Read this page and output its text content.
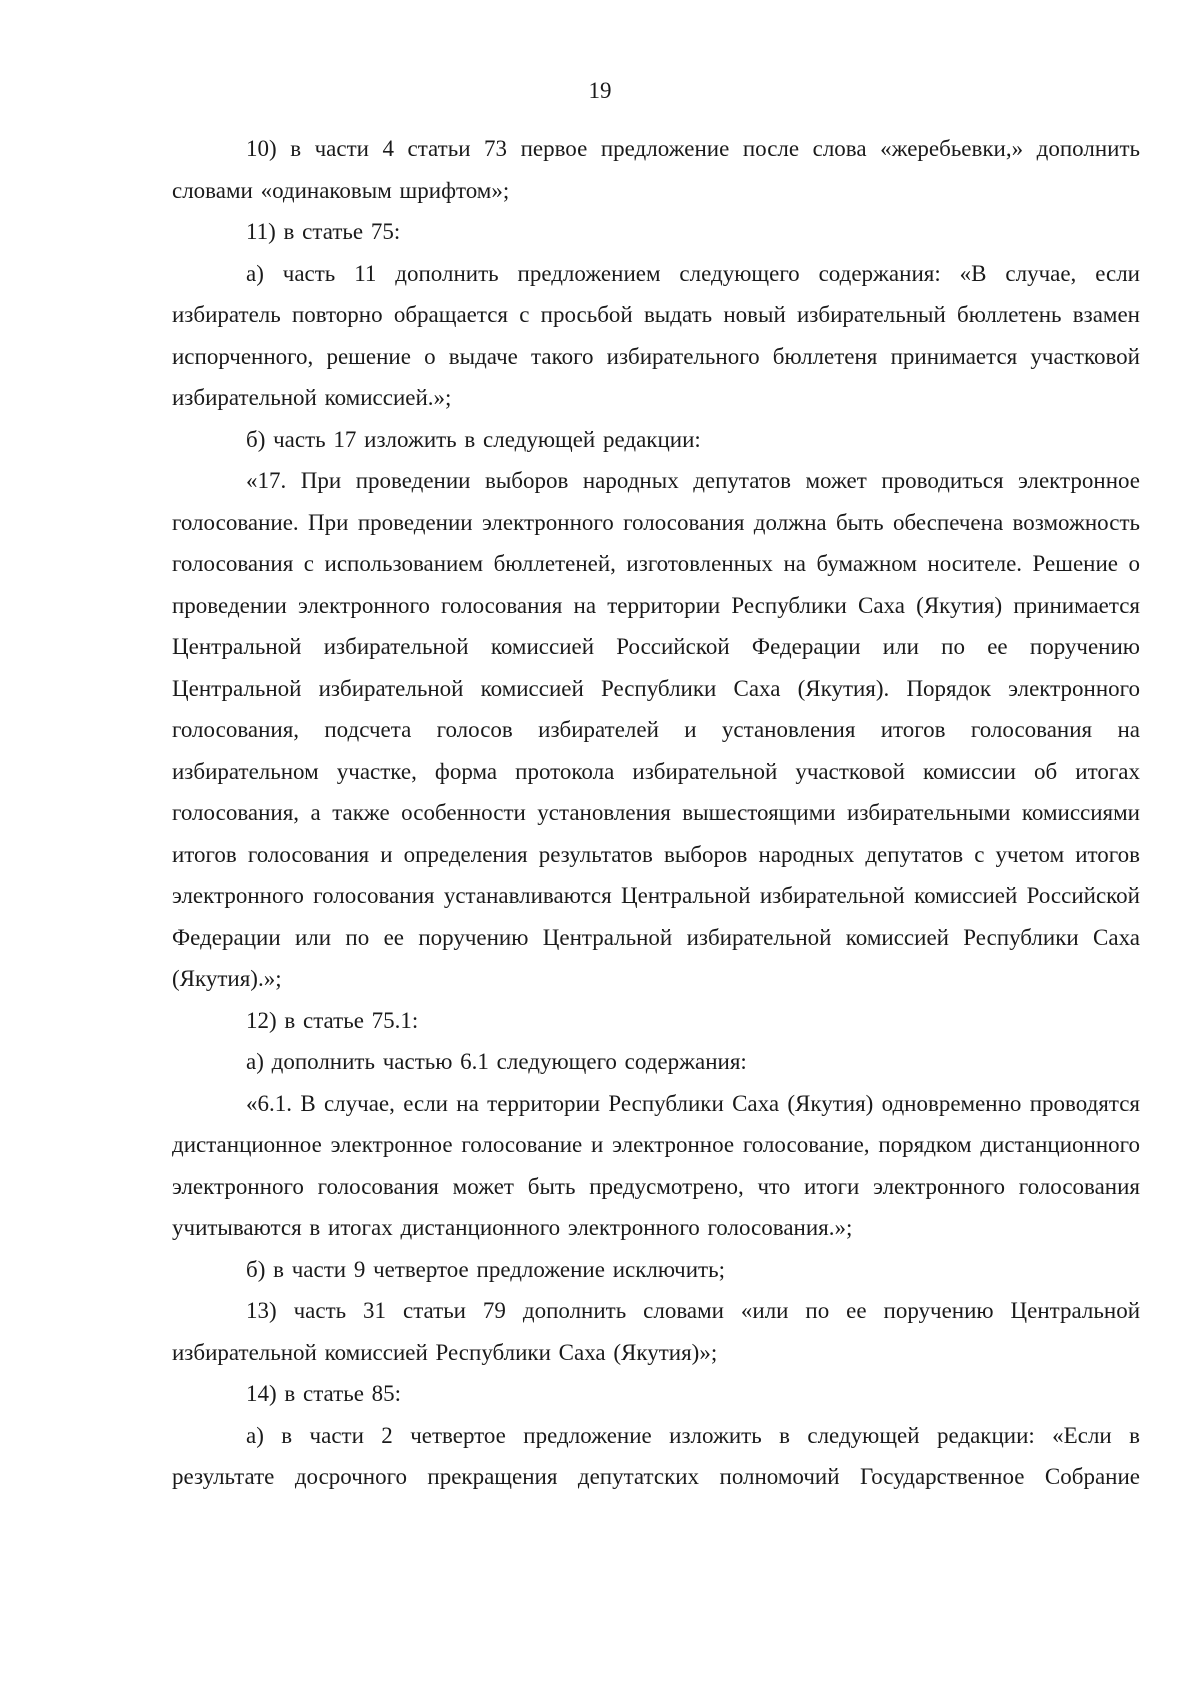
19

10) в части 4 статьи 73 первое предложение после слова «жеребьевки,» дополнить словами «одинаковым шрифтом»;

11) в статье 75:

а) часть 11 дополнить предложением следующего содержания: «В случае, если избиратель повторно обращается с просьбой выдать новый избирательный бюллетень взамен испорченного, решение о выдаче такого избирательного бюллетеня принимается участковой избирательной комиссией.»;

б) часть 17 изложить в следующей редакции:

«17. При проведении выборов народных депутатов может проводиться электронное голосование. При проведении электронного голосования должна быть обеспечена возможность голосования с использованием бюллетеней, изготовленных на бумажном носителе. Решение о проведении электронного голосования на территории Республики Саха (Якутия) принимается Центральной избирательной комиссией Российской Федерации или по ее поручению Центральной избирательной комиссией Республики Саха (Якутия). Порядок электронного голосования, подсчета голосов избирателей и установления итогов голосования на избирательном участке, форма протокола избирательной участковой комиссии об итогах голосования, а также особенности установления вышестоящими избирательными комиссиями итогов голосования и определения результатов выборов народных депутатов с учетом итогов электронного голосования устанавливаются Центральной избирательной комиссией Российской Федерации или по ее поручению Центральной избирательной комиссией Республики Саха (Якутия).»;

12) в статье 75.1:

а) дополнить частью 6.1 следующего содержания:

«6.1. В случае, если на территории Республики Саха (Якутия) одновременно проводятся дистанционное электронное голосование и электронное голосование, порядком дистанционного электронного голосования может быть предусмотрено, что итоги электронного голосования учитываются в итогах дистанционного электронного голосования.»;

б) в части 9 четвертое предложение исключить;

13) часть 31 статьи 79 дополнить словами «или по ее поручению Центральной избирательной комиссией Республики Саха (Якутия)»;

14) в статье 85:

а) в части 2 четвертое предложение изложить в следующей редакции: «Если в результате досрочного прекращения депутатских полномочий Государственное Собрание
